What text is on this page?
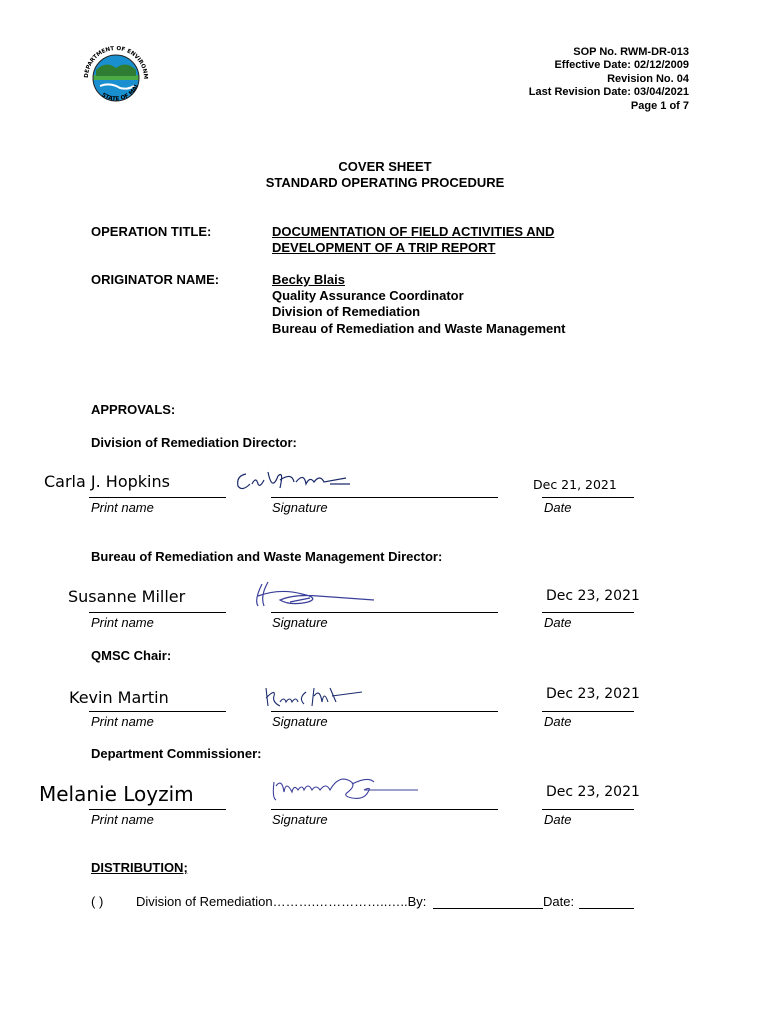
DEPARTMENT OF ENVIRONM
STATE OF MAI
SOP No. RWM-DR-013
Effective Date: 02/12/2009
Revision No. 04
Last Revision Date: 03/04/2021
Page 1 of 7
COVER SHEET
STANDARD OPERATING PROCEDURE
OPERATION TITLE:	DOCUMENTATION OF FIELD ACTIVITIES AND
DEVELOPMENT OF A TRIP REPORT
ORIGINATOR NAME:	Becky Blais
Quality Assurance Coordinator
Division of Remediation
Bureau of Remediation and Waste Management
APPROVALS:
Division of Remediation Director:
Carla J. Hopkins	Dec 21, 2021
Print name	Signature	Date
Bureau of Remediation and Waste Management Director:
Susanne Miller	Dec 23, 2021
Print name	Signature	Date
QMSC Chair:
Kevin Martin	Dec 23, 2021
Print name	Signature	Date
Department Commissioner:
Melanie Loyzim	Dec 23, 2021
Print name	Signature	Date
DISTRIBUTION;
( )	Division of Remediation……….……………..…..By:	Date:
